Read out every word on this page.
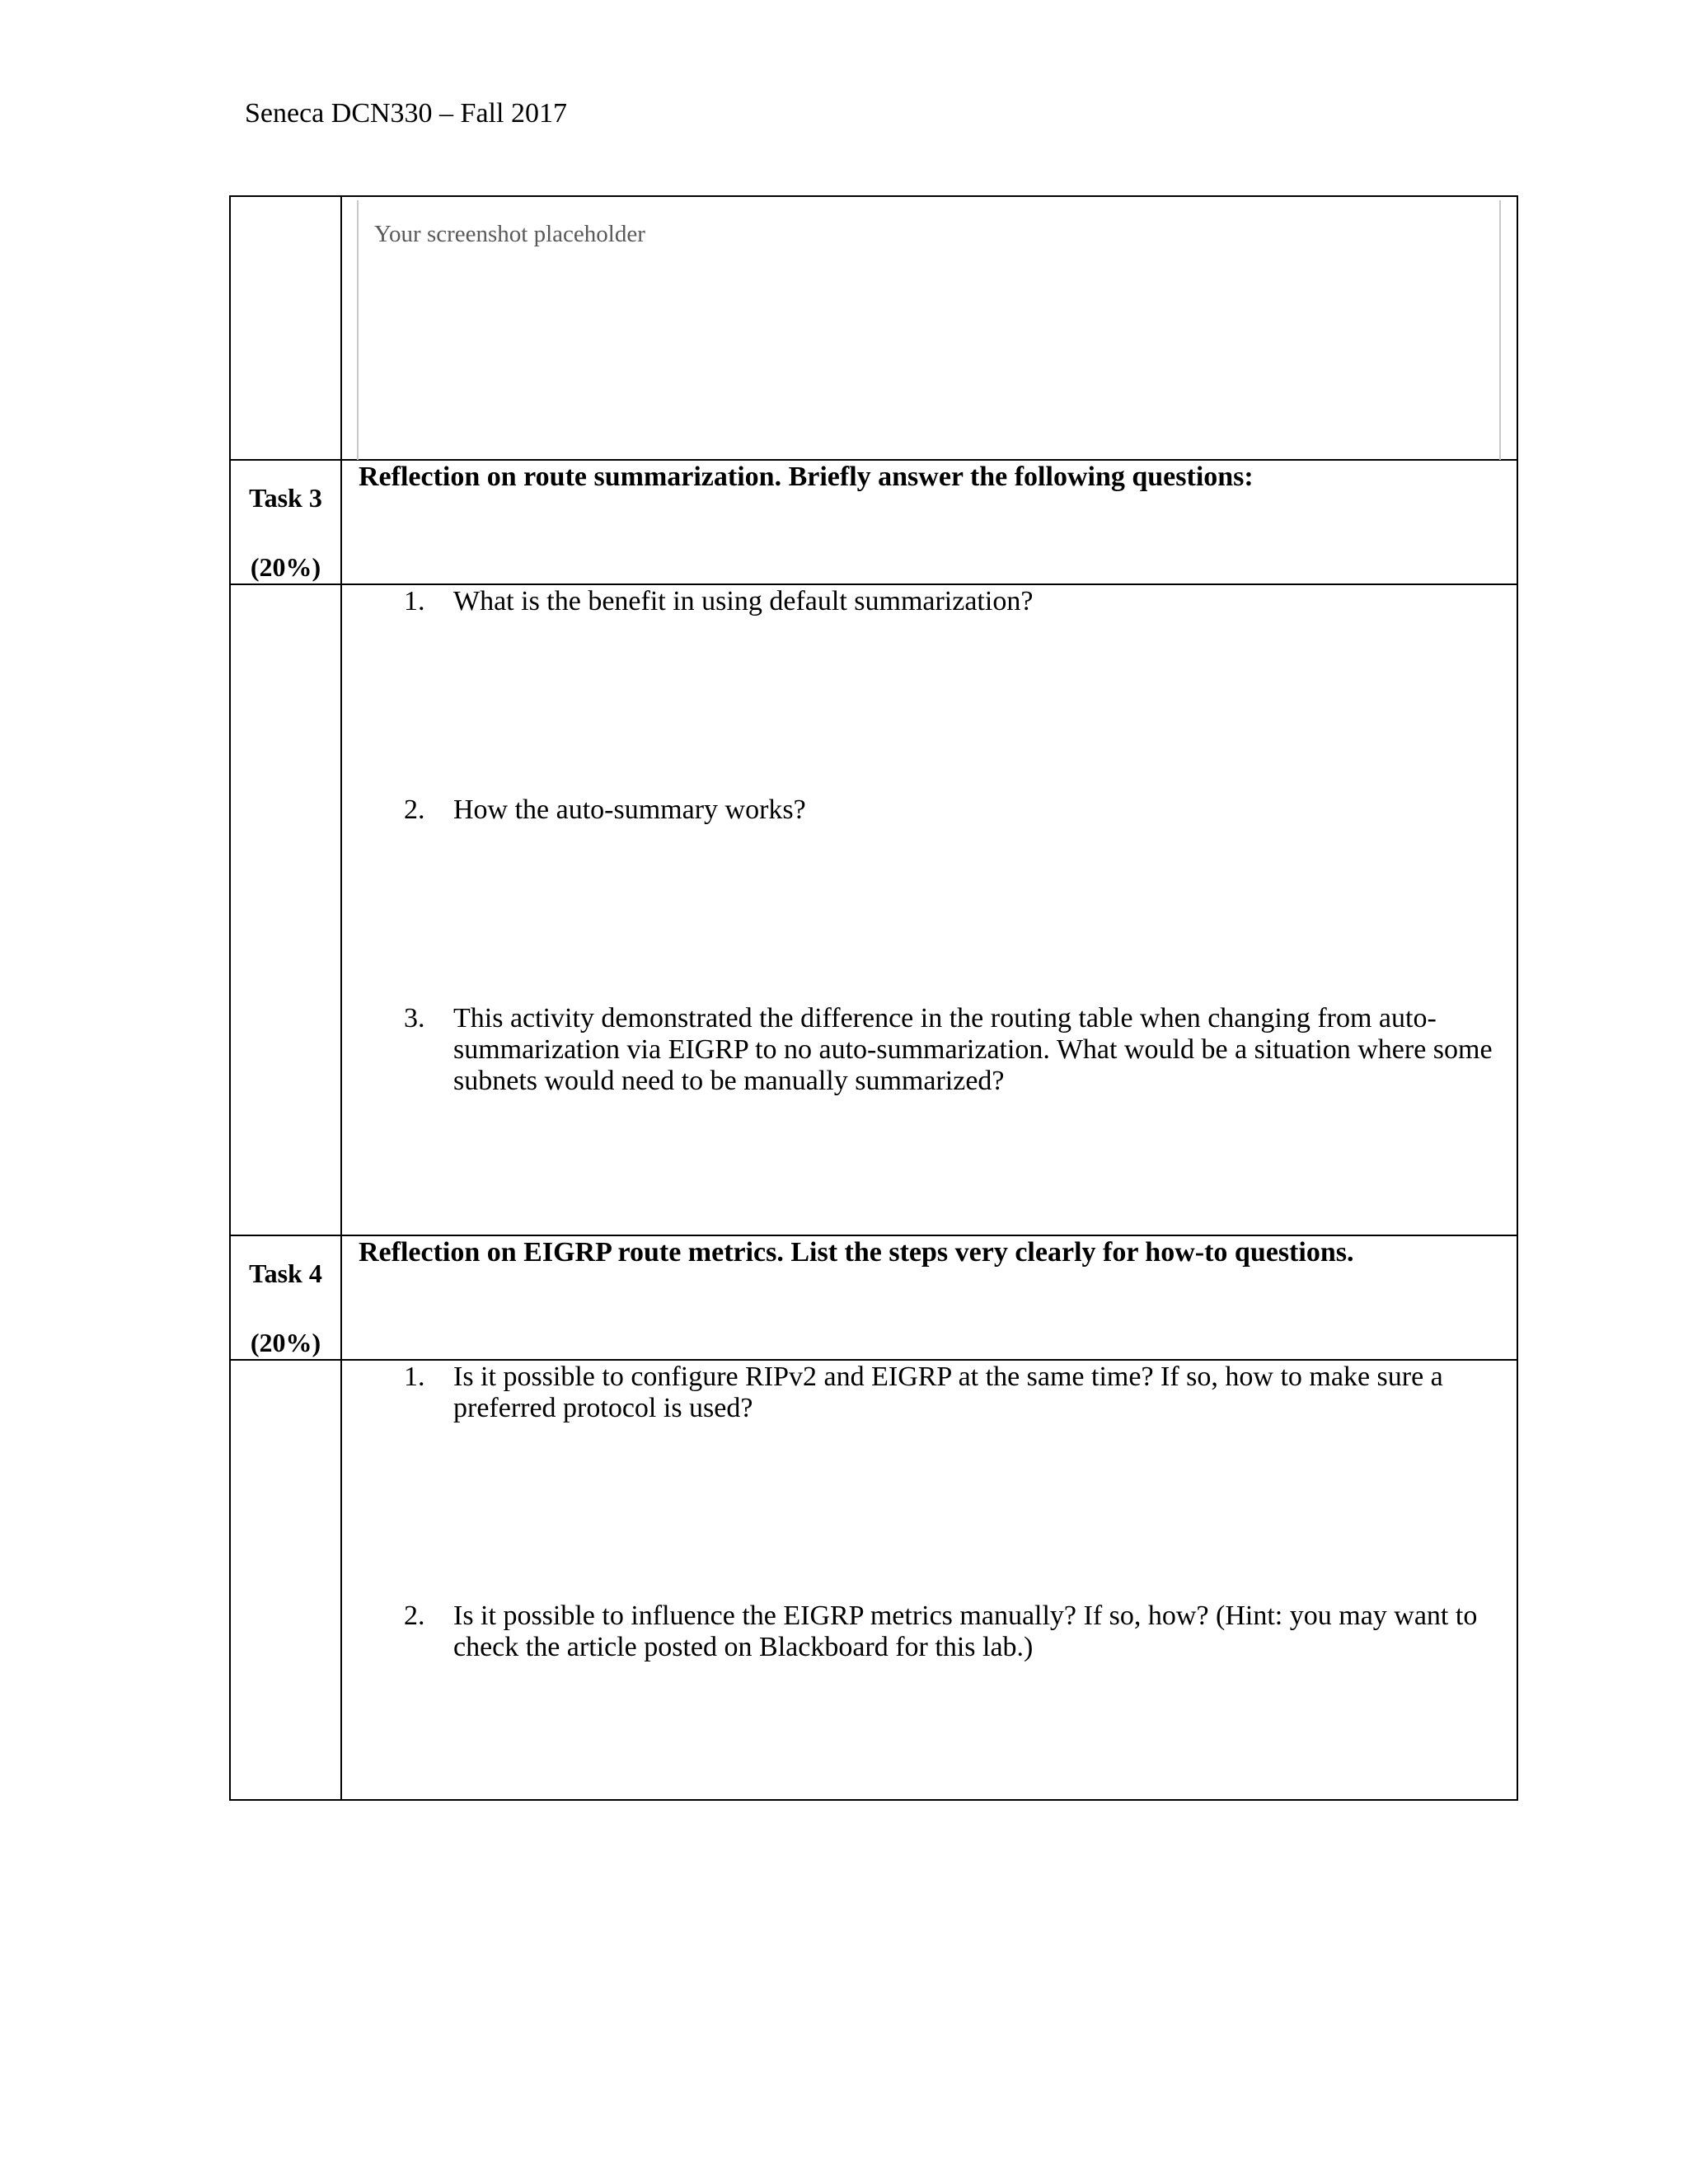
Seneca DCN330 – Fall 2017
Your screenshot placeholder
Task 3
(20%)
Reflection on route summarization. Briefly answer the following questions:
1. What is the benefit in using default summarization?
2. How the auto-summary works?
3. This activity demonstrated the difference in the routing table when changing from auto-
summarization via EIGRP to no auto-summarization. What would be a situation where some
subnets would need to be manually summarized?
Task 4
(20%)
Reflection on EIGRP route metrics. List the steps very clearly for how-to questions.
1. Is it possible to configure RIPv2 and EIGRP at the same time? If so, how to make sure a
preferred protocol is used?
2. Is it possible to influence the EIGRP metrics manually? If so, how? (Hint: you may want to
check the article posted on Blackboard for this lab.)
